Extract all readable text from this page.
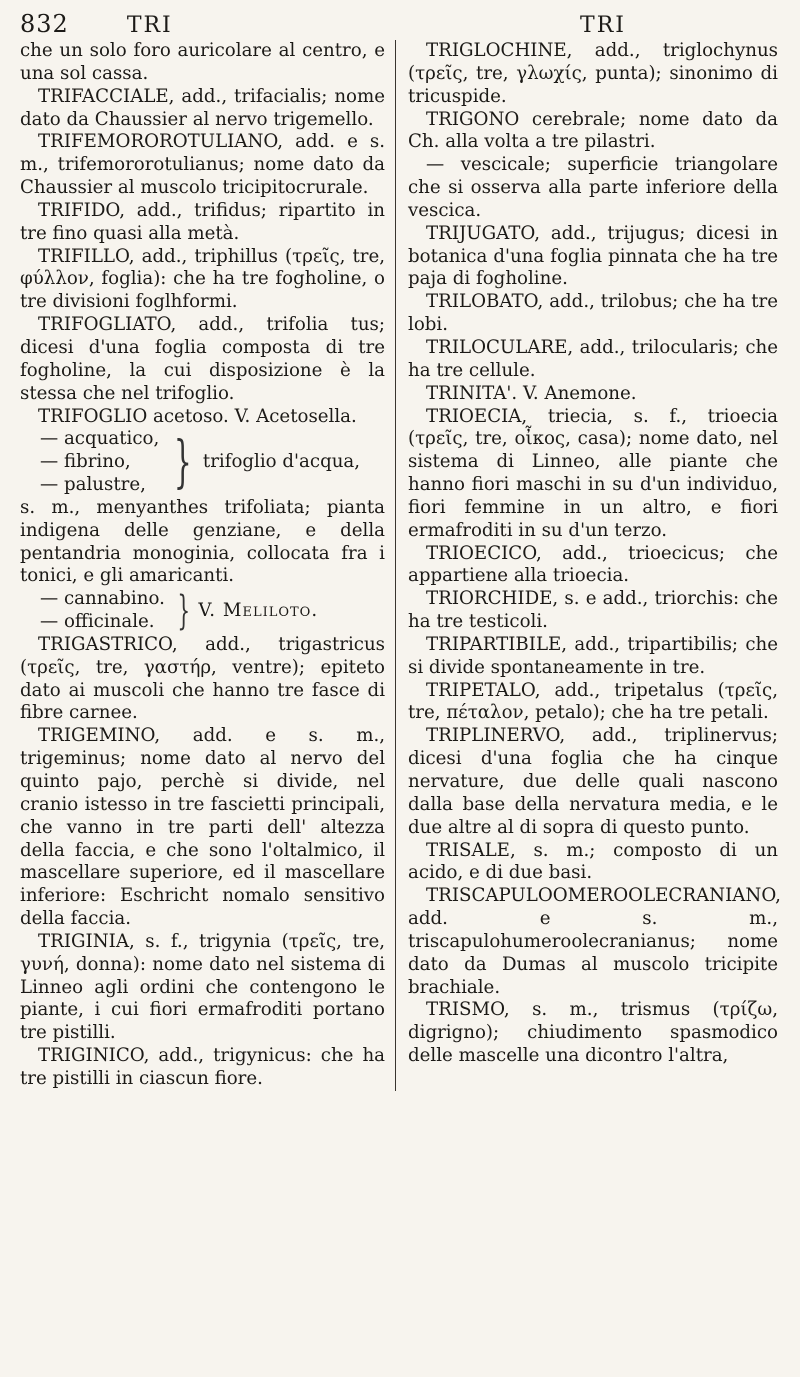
832	TRI	TRI

che un solo foro auricolare al centro, e una sol cassa.

TRIFACCIALE, add., trifacialis; nome dato da Chaussier al nervo trigemello.

TRIFEMOROROTULIANO, add. e s. m., trifemororotulianus; nome dato da Chaussier al muscolo tricipitocrurale.

TRIFIDO, add., trifidus; ripartito in tre fino quasi alla metà.

TRIFILLO, add., triphillus (τρεῖς, tre, φύλλον, foglia): che ha tre fogholine, o tre divisioni foglhformi.

TRIFOGLIATO, add., trifolia tus; dicesi d'una foglia composta di tre fogholine, la cui disposizione è la stessa che nel trifoglio.

TRIFOGLIO acetoso. V. Acetosella.

— acquatico,
— fibrino,
— palustre, } trifoglio d'acqua,

s. m., menyanthes trifoliata; pianta indigena delle genziane, e della pentandria monoginia, collocata fra i tonici, e gli amaricanti.

— cannabino.
— officinale. } V. Meliloto.

TRIGASTRICO, add., trigastricus (τρεῖς, tre, γαστήρ, ventre); epiteto dato ai muscoli che hanno tre fasce di fibre carnee.

TRIGEMINO, add. e s. m., trigeminus; nome dato al nervo del quinto pajo, perchè si divide, nel cranio istesso in tre fascietti principali, che vanno in tre parti dell' altezza della faccia, e che sono l'oltalmico, il mascellare superiore, ed il mascellare inferiore: Eschricht nomalo sensitivo della faccia.

TRIGINIA, s. f., trigynia (τρεῖς, tre, γυνή, donna): nome dato nel sistema di Linneo agli ordini che contengono le piante, i cui fiori ermafroditi portano tre pistilli.

TRIGINICO, add., trigynicus: che ha tre pistilli in ciascun fiore.

TRIGLOCHINE, add., triglochynus (τρεῖς, tre, γλωχίς, punta); sinonimo di tricuspide.

TRIGONO cerebrale; nome dato da Ch. alla volta a tre pilastri.

— vescicale; superficie triangolare che si osserva alla parte inferiore della vescica.

TRIJUGATO, add., trijugus; dicesi in botanica d'una foglia pinnata che ha tre paja di fogholine.

TRILOBATO, add., trilobus; che ha tre lobi.

TRILOCULARE, add., trilocularis; che ha tre cellule.

TRINITA'. V. Anemone.

TRIOECIA, triecia, s. f., trioecia (τρεῖς, tre, οἶκος, casa); nome dato, nel sistema di Linneo, alle piante che hanno fiori maschi in su d'un individuo, fiori femmine in un altro, e fiori ermafroditi in su d'un terzo.

TRIOECICO, add., trioecicus; che appartiene alla trioecia.

TRIORCHIDE, s. e add., triorchis: che ha tre testicoli.

TRIPARTIBILE, add., tripartibilis; che si divide spontaneamente in tre.

TRIPETALO, add., tripetalus (τρεῖς, tre, πέταλον, petalo); che ha tre petali.

TRIPLINERVO, add., triplinervus; dicesi d'una foglia che ha cinque nervature, due delle quali nascono dalla base della nervatura media, e le due altre al di sopra di questo punto.

TRISALE, s. m.; composto di un acido, e di due basi.

TRISCAPULOOMEROOLECRANIANO, add. e s. m., triscapulohumeroolecranianus; nome dato da Dumas al muscolo tricipite brachiale.

TRISMO, s. m., trismus (τρίζω, digrigno); chiudimento spasmodico delle mascelle una dicontro l'altra,
